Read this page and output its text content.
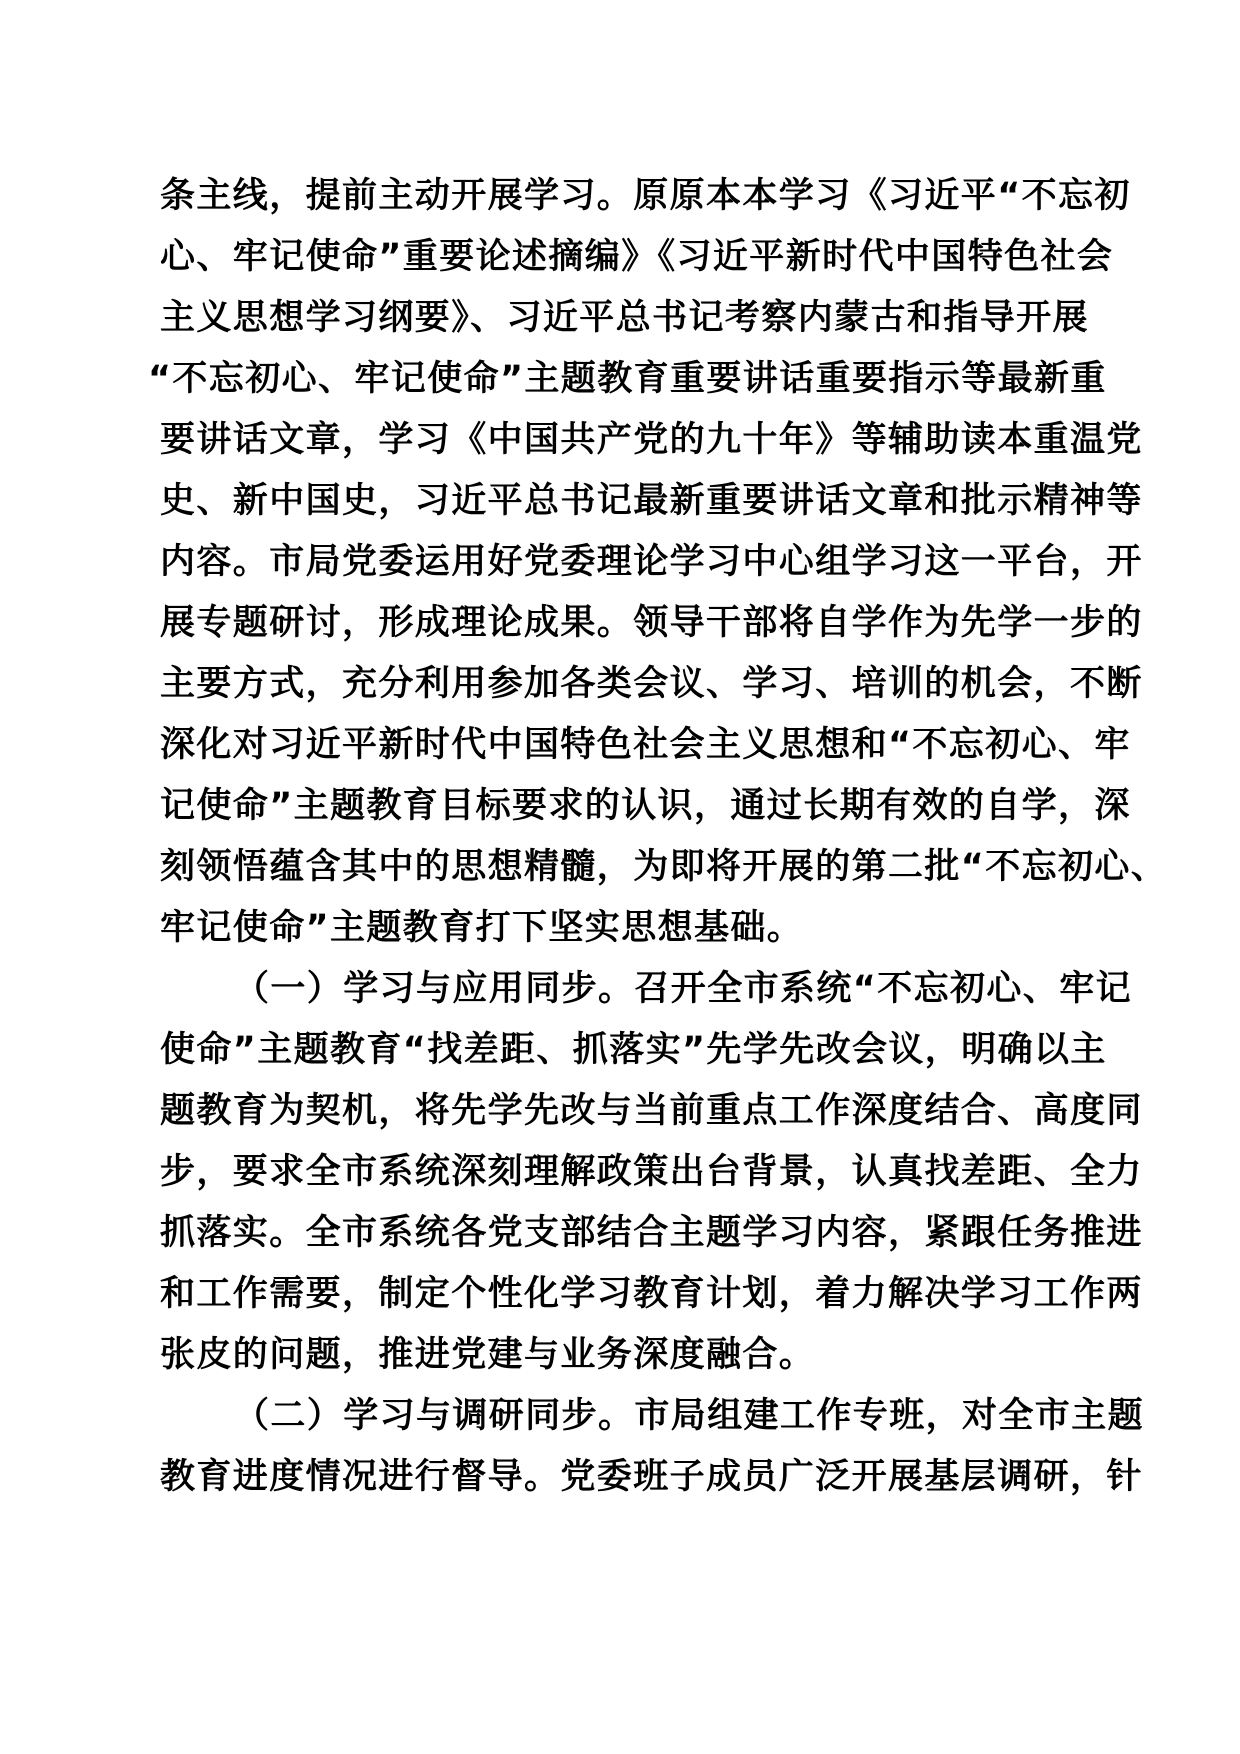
条主线，提前主动开展学习。原原本本学习《习近平“不忘初
心、牢记使命”重要论述摘编》《习近平新时代中国特色社会
主义思想学习纲要》、习近平总书记考察内蒙古和指导开展
“不忘初心、牢记使命”主题教育重要讲话重要指示等最新重
要讲话文章，学习《中国共产党的九十年》等辅助读本重温党
史、新中国史，习近平总书记最新重要讲话文章和批示精神等
内容。市局党委运用好党委理论学习中心组学习这一平台，开
展专题研讨，形成理论成果。领导干部将自学作为先学一步的
主要方式，充分利用参加各类会议、学习、培训的机会，不断
深化对习近平新时代中国特色社会主义思想和“不忘初心、牢
记使命”主题教育目标要求的认识，通过长期有效的自学，深
刻领悟蕴含其中的思想精髓，为即将开展的第二批“不忘初心、
牢记使命”主题教育打下坚实思想基础。
（一）学习与应用同步。召开全市系统“不忘初心、牢记
使命”主题教育“找差距、抓落实”先学先改会议，明确以主
题教育为契机，将先学先改与当前重点工作深度结合、高度同
步，要求全市系统深刻理解政策出台背景，认真找差距、全力
抓落实。全市系统各党支部结合主题学习内容，紧跟任务推进
和工作需要，制定个性化学习教育计划，着力解决学习工作两
张皮的问题，推进党建与业务深度融合。
（二）学习与调研同步。市局组建工作专班，对全市主题
教育进度情况进行督导。党委班子成员广泛开展基层调研，针
